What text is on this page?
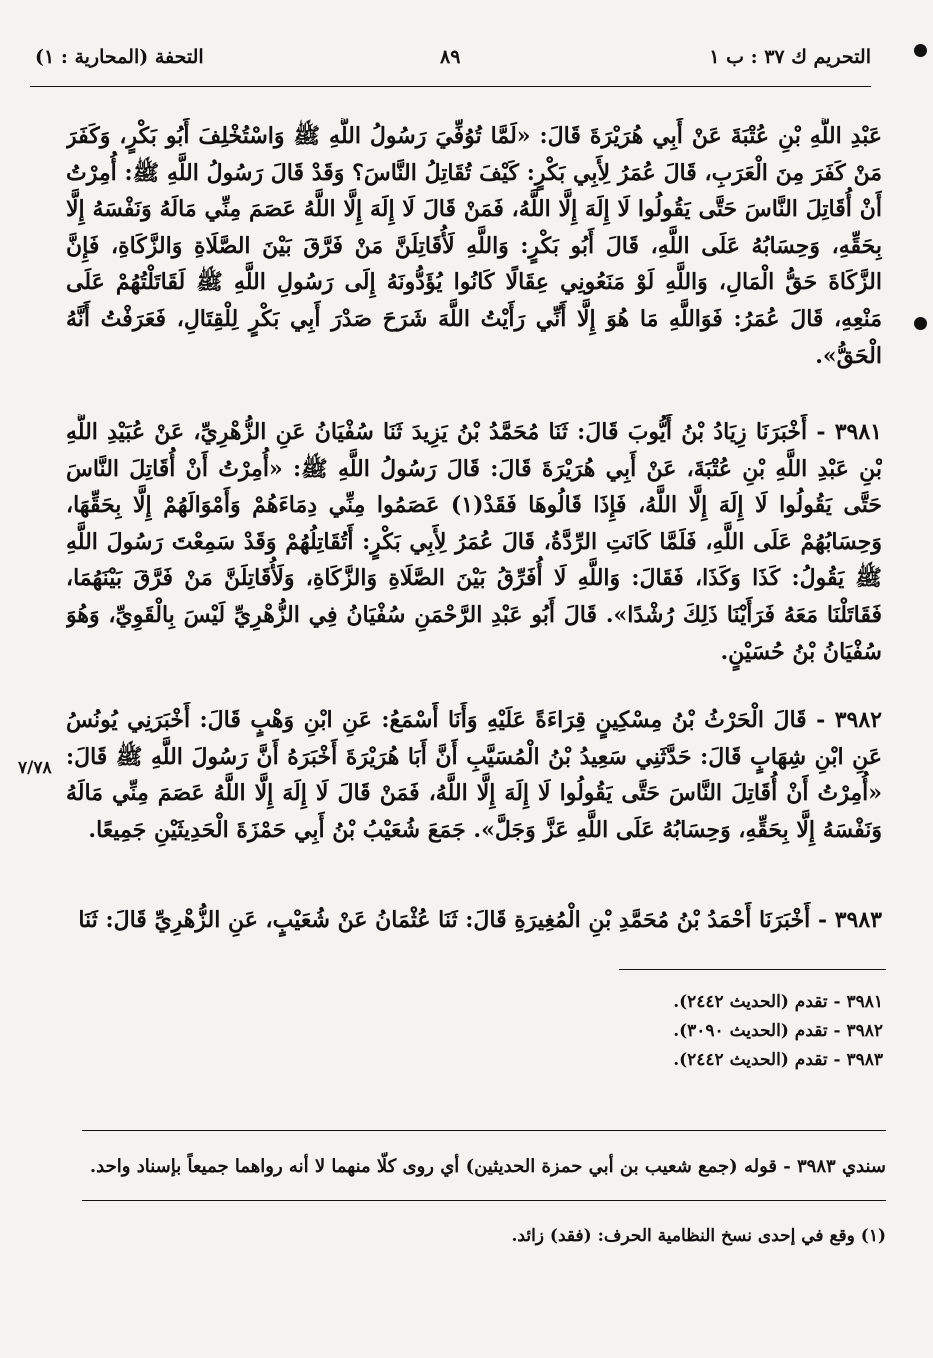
التحريم ك ٣٧ : ب ١
٨٩
التحفة (المحارية : ١)

عَبْدِ اللَّهِ بْنِ عُتْبَةَ عَنْ أَبِي هُرَيْرَةَ قَالَ: «لَمَّا تُوُفِّيَ رَسُولُ اللَّهِ ﷺ وَاسْتُخْلِفَ أَبُو بَكْرٍ، وَكَفَرَ مَنْ كَفَرَ مِنَ الْعَرَبِ، قَالَ عُمَرُ لِأَبِي بَكْرٍ: كَيْفَ تُقَاتِلُ النَّاسَ؟ وَقَدْ قَالَ رَسُولُ اللَّهِ ﷺ: أُمِرْتُ أَنْ أُقَاتِلَ النَّاسَ حَتَّى يَقُولُوا لَا إِلَهَ إِلَّا اللَّهُ، فَمَنْ قَالَ لَا إِلَهَ إِلَّا اللَّهُ عَصَمَ مِنِّي مَالَهُ وَنَفْسَهُ إِلَّا بِحَقِّهِ، وَحِسَابُهُ عَلَى اللَّهِ، قَالَ أَبُو بَكْرٍ: وَاللَّهِ لَأُقَاتِلَنَّ مَنْ فَرَّقَ بَيْنَ الصَّلَاةِ وَالزَّكَاةِ، فَإِنَّ الزَّكَاةَ حَقُّ الْمَالِ، وَاللَّهِ لَوْ مَنَعُونِي عِقَالًا كَانُوا يُؤَدُّونَهُ إِلَى رَسُولِ اللَّهِ ﷺ لَقَاتَلْتُهُمْ عَلَى مَنْعِهِ، قَالَ عُمَرُ: فَوَاللَّهِ مَا هُوَ إِلَّا أَنِّي رَأَيْتُ اللَّهَ شَرَحَ صَدْرَ أَبِي بَكْرٍ لِلْقِتَالِ، فَعَرَفْتُ أَنَّهُ الْحَقُّ».

٣٩٨١ - أَخْبَرَنَا زِيَادُ بْنُ أَيُّوبَ قَالَ: ثَنَا مُحَمَّدُ بْنُ يَزِيدَ ثَنَا سُفْيَانُ عَنِ الزُّهْرِيِّ، عَنْ عُبَيْدِ اللَّهِ بْنِ عَبْدِ اللَّهِ بْنِ عُتْبَةَ، عَنْ أَبِي هُرَيْرَةَ قَالَ: قَالَ رَسُولُ اللَّهِ ﷺ: «أُمِرْتُ أَنْ أُقَاتِلَ النَّاسَ حَتَّى يَقُولُوا لَا إِلَهَ إِلَّا اللَّهُ، فَإِذَا قَالُوهَا فَقَدْ(١) عَصَمُوا مِنِّي دِمَاءَهُمْ وَأَمْوَالَهُمْ إِلَّا بِحَقِّهَا، وَحِسَابُهُمْ عَلَى اللَّهِ، فَلَمَّا كَانَتِ الرِّدَّةُ، قَالَ عُمَرُ لِأَبِي بَكْرٍ: أَتُقَاتِلُهُمْ وَقَدْ سَمِعْتَ رَسُولَ اللَّهِ ﷺ يَقُولُ: كَذَا وَكَذَا، فَقَالَ: وَاللَّهِ لَا أُفَرِّقُ بَيْنَ الصَّلَاةِ وَالزَّكَاةِ، وَلَأُقَاتِلَنَّ مَنْ فَرَّقَ بَيْنَهُمَا، فَقَاتَلْنَا مَعَهُ فَرَأَيْنَا ذَلِكَ رُشْدًا». قَالَ أَبُو عَبْدِ الرَّحْمَنِ سُفْيَانُ فِي الزُّهْرِيِّ لَيْسَ بِالْقَوِيِّ، وَهُوَ سُفْيَانُ بْنُ حُسَيْنٍ.

٣٩٨٢ - قَالَ الْحَرْثُ بْنُ مِسْكِينٍ قِرَاءَةً عَلَيْهِ وَأَنَا أَسْمَعُ: عَنِ ابْنِ وَهْبٍ قَالَ: أَخْبَرَنِي يُونُسُ عَنِ ابْنِ شِهَابٍ قَالَ: حَدَّثَنِي سَعِيدُ بْنُ الْمُسَيَّبِ أَنَّ أَبَا هُرَيْرَةَ أَخْبَرَهُ أَنَّ رَسُولَ اللَّهِ ﷺ قَالَ: «أُمِرْتُ أَنْ أُقَاتِلَ النَّاسَ حَتَّى يَقُولُوا لَا إِلَهَ إِلَّا اللَّهُ، فَمَنْ قَالَ لَا إِلَهَ إِلَّا اللَّهُ عَصَمَ مِنِّي مَالَهُ وَنَفْسَهُ إِلَّا بِحَقِّهِ، وَحِسَابُهُ عَلَى اللَّهِ عَزَّ وَجَلَّ». جَمَعَ شُعَيْبُ بْنُ أَبِي حَمْزَةَ الْحَدِيثَيْنِ جَمِيعًا.

٣٩٨٣ - أَخْبَرَنَا أَحْمَدُ بْنُ مُحَمَّدِ بْنِ الْمُغِيرَةِ قَالَ: ثَنَا عُثْمَانُ عَنْ شُعَيْبٍ، عَنِ الزُّهْرِيِّ قَالَ: ثَنَا

٧/٧٨
٣٩٨١ - تقدم (الحديث ٢٤٤٢).
٣٩٨٢ - تقدم (الحديث ٣٠٩٠).
٣٩٨٣ - تقدم (الحديث ٢٤٤٢).
سندي ٣٩٨٣ - قوله (جمع شعيب بن أبي حمزة الحديثين) أي روى كلًّا منهما لا أنه رواهما جميعاً بإسناد واحد.
(١) وقع في إحدى نسخ النظامية الحرف: (فقد) زائد.
